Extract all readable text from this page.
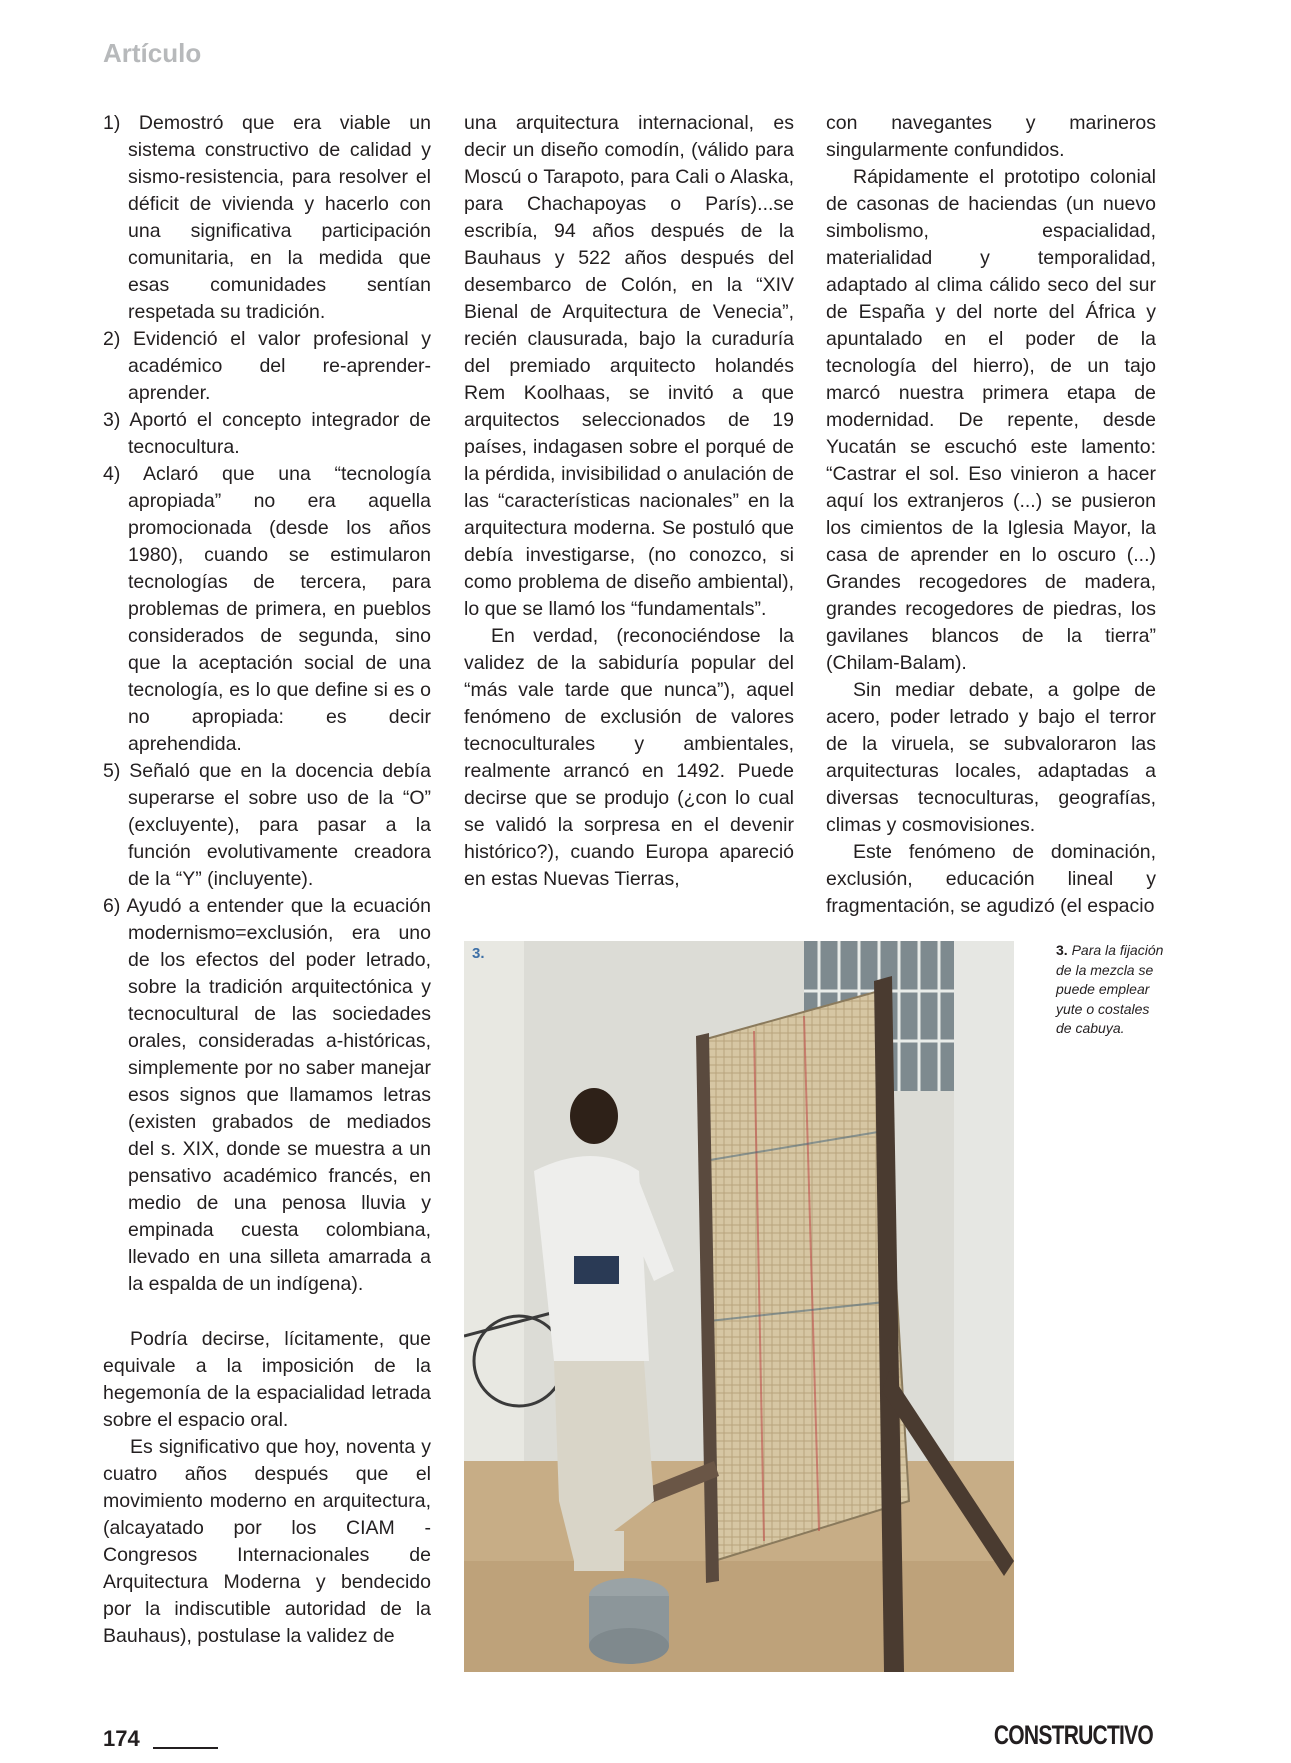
Artículo
1) Demostró que era viable un sistema constructivo de calidad y sismo-resistencia, para resolver el déficit de vivienda y hacerlo con una significativa participación comunitaria, en la medida que esas comunidades sentían respetada su tradición.
2) Evidenció el valor profesional y académico del re-aprender-aprender.
3) Aportó el concepto integrador de tecnocultura.
4) Aclaró que una “tecnología apropiada” no era aquella promocionada (desde los años 1980), cuando se estimularon tecnologías de tercera, para problemas de primera, en pueblos considerados de segunda, sino que la aceptación social de una tecnología, es lo que define si es o no apropiada: es decir aprehendida.
5) Señaló que en la docencia debía superarse el sobre uso de la “O” (excluyente), para pasar a la función evolutivamente creadora de la “Y” (incluyente).
6) Ayudó a entender que la ecuación modernismo=exclusión, era uno de los efectos del poder letrado, sobre la tradición arquitectónica y tecnocultural de las sociedades orales, consideradas a-históricas, simplemente por no saber manejar esos signos que llamamos letras (existen grabados de mediados del s. XIX, donde se muestra a un pensativo académico francés, en medio de una penosa lluvia y empinada cuesta colombiana, llevado en una silleta amarrada a la espalda de un indígena).

Podría decirse, lícitamente, que equivale a la imposición de la hegemonía de la espacialidad letrada sobre el espacio oral.

Es significativo que hoy, noventa y cuatro años después que el movimiento moderno en arquitectura, (alcayatado por los CIAM - Congresos Internacionales de Arquitectura Moderna y bendecido por la indiscutible autoridad de la Bauhaus), postulase la validez de

una arquitectura internacional, es decir un diseño comodín, (válido para Moscú o Tarapoto, para Cali o Alaska, para Chachapoyas o París)...se escribía, 94 años después de la Bauhaus y 522 años después del desembarco de Colón, en la “XIV Bienal de Arquitectura de Venecia”, recién clausurada, bajo la curaduría del premiado arquitecto holandés Rem Koolhaas, se invitó a que arquitectos seleccionados de 19 países, indagasen sobre el porqué de la pérdida, invisibilidad o anulación de las “características nacionales” en la arquitectura moderna. Se postuló que debía investigarse, (no conozco, si como problema de diseño ambiental), lo que se llamó los “fundamentals”.

En verdad, (reconociéndose la validez de la sabiduría popular del “más vale tarde que nunca”), aquel fenómeno de exclusión de valores tecnoculturales y ambientales, realmente arrancó en 1492. Puede decirse que se produjo (¿con lo cual se validó la sorpresa en el devenir histórico?), cuando Europa apareció en estas Nuevas Tierras,

con navegantes y marineros singularmente confundidos.

Rápidamente el prototipo colonial de casonas de haciendas (un nuevo simbolismo, espacialidad, materialidad y temporalidad, adaptado al clima cálido seco del sur de España y del norte del África y apuntalado en el poder de la tecnología del hierro), de un tajo marcó nuestra primera etapa de modernidad. De repente, desde Yucatán se escuchó este lamento: “Castrar el sol. Eso vinieron a hacer aquí los extranjeros (...) se pusieron los cimientos de la Iglesia Mayor, la casa de aprender en lo oscuro (...) Grandes recogedores de madera, grandes recogedores de piedras, los gavilanes blancos de la tierra” (Chilam-Balam).

Sin mediar debate, a golpe de acero, poder letrado y bajo el terror de la viruela, se subvaloraron las arquitecturas locales, adaptadas a diversas tecnoculturas, geografías, climas y cosmovisiones.

Este fenómeno de dominación, exclusión, educación lineal y fragmentación, se agudizó (el espacio

3.	3. Para la fijación de la mezcla se puede emplear yute o costales de cabuya.
174	CONSTRUCTIVO
